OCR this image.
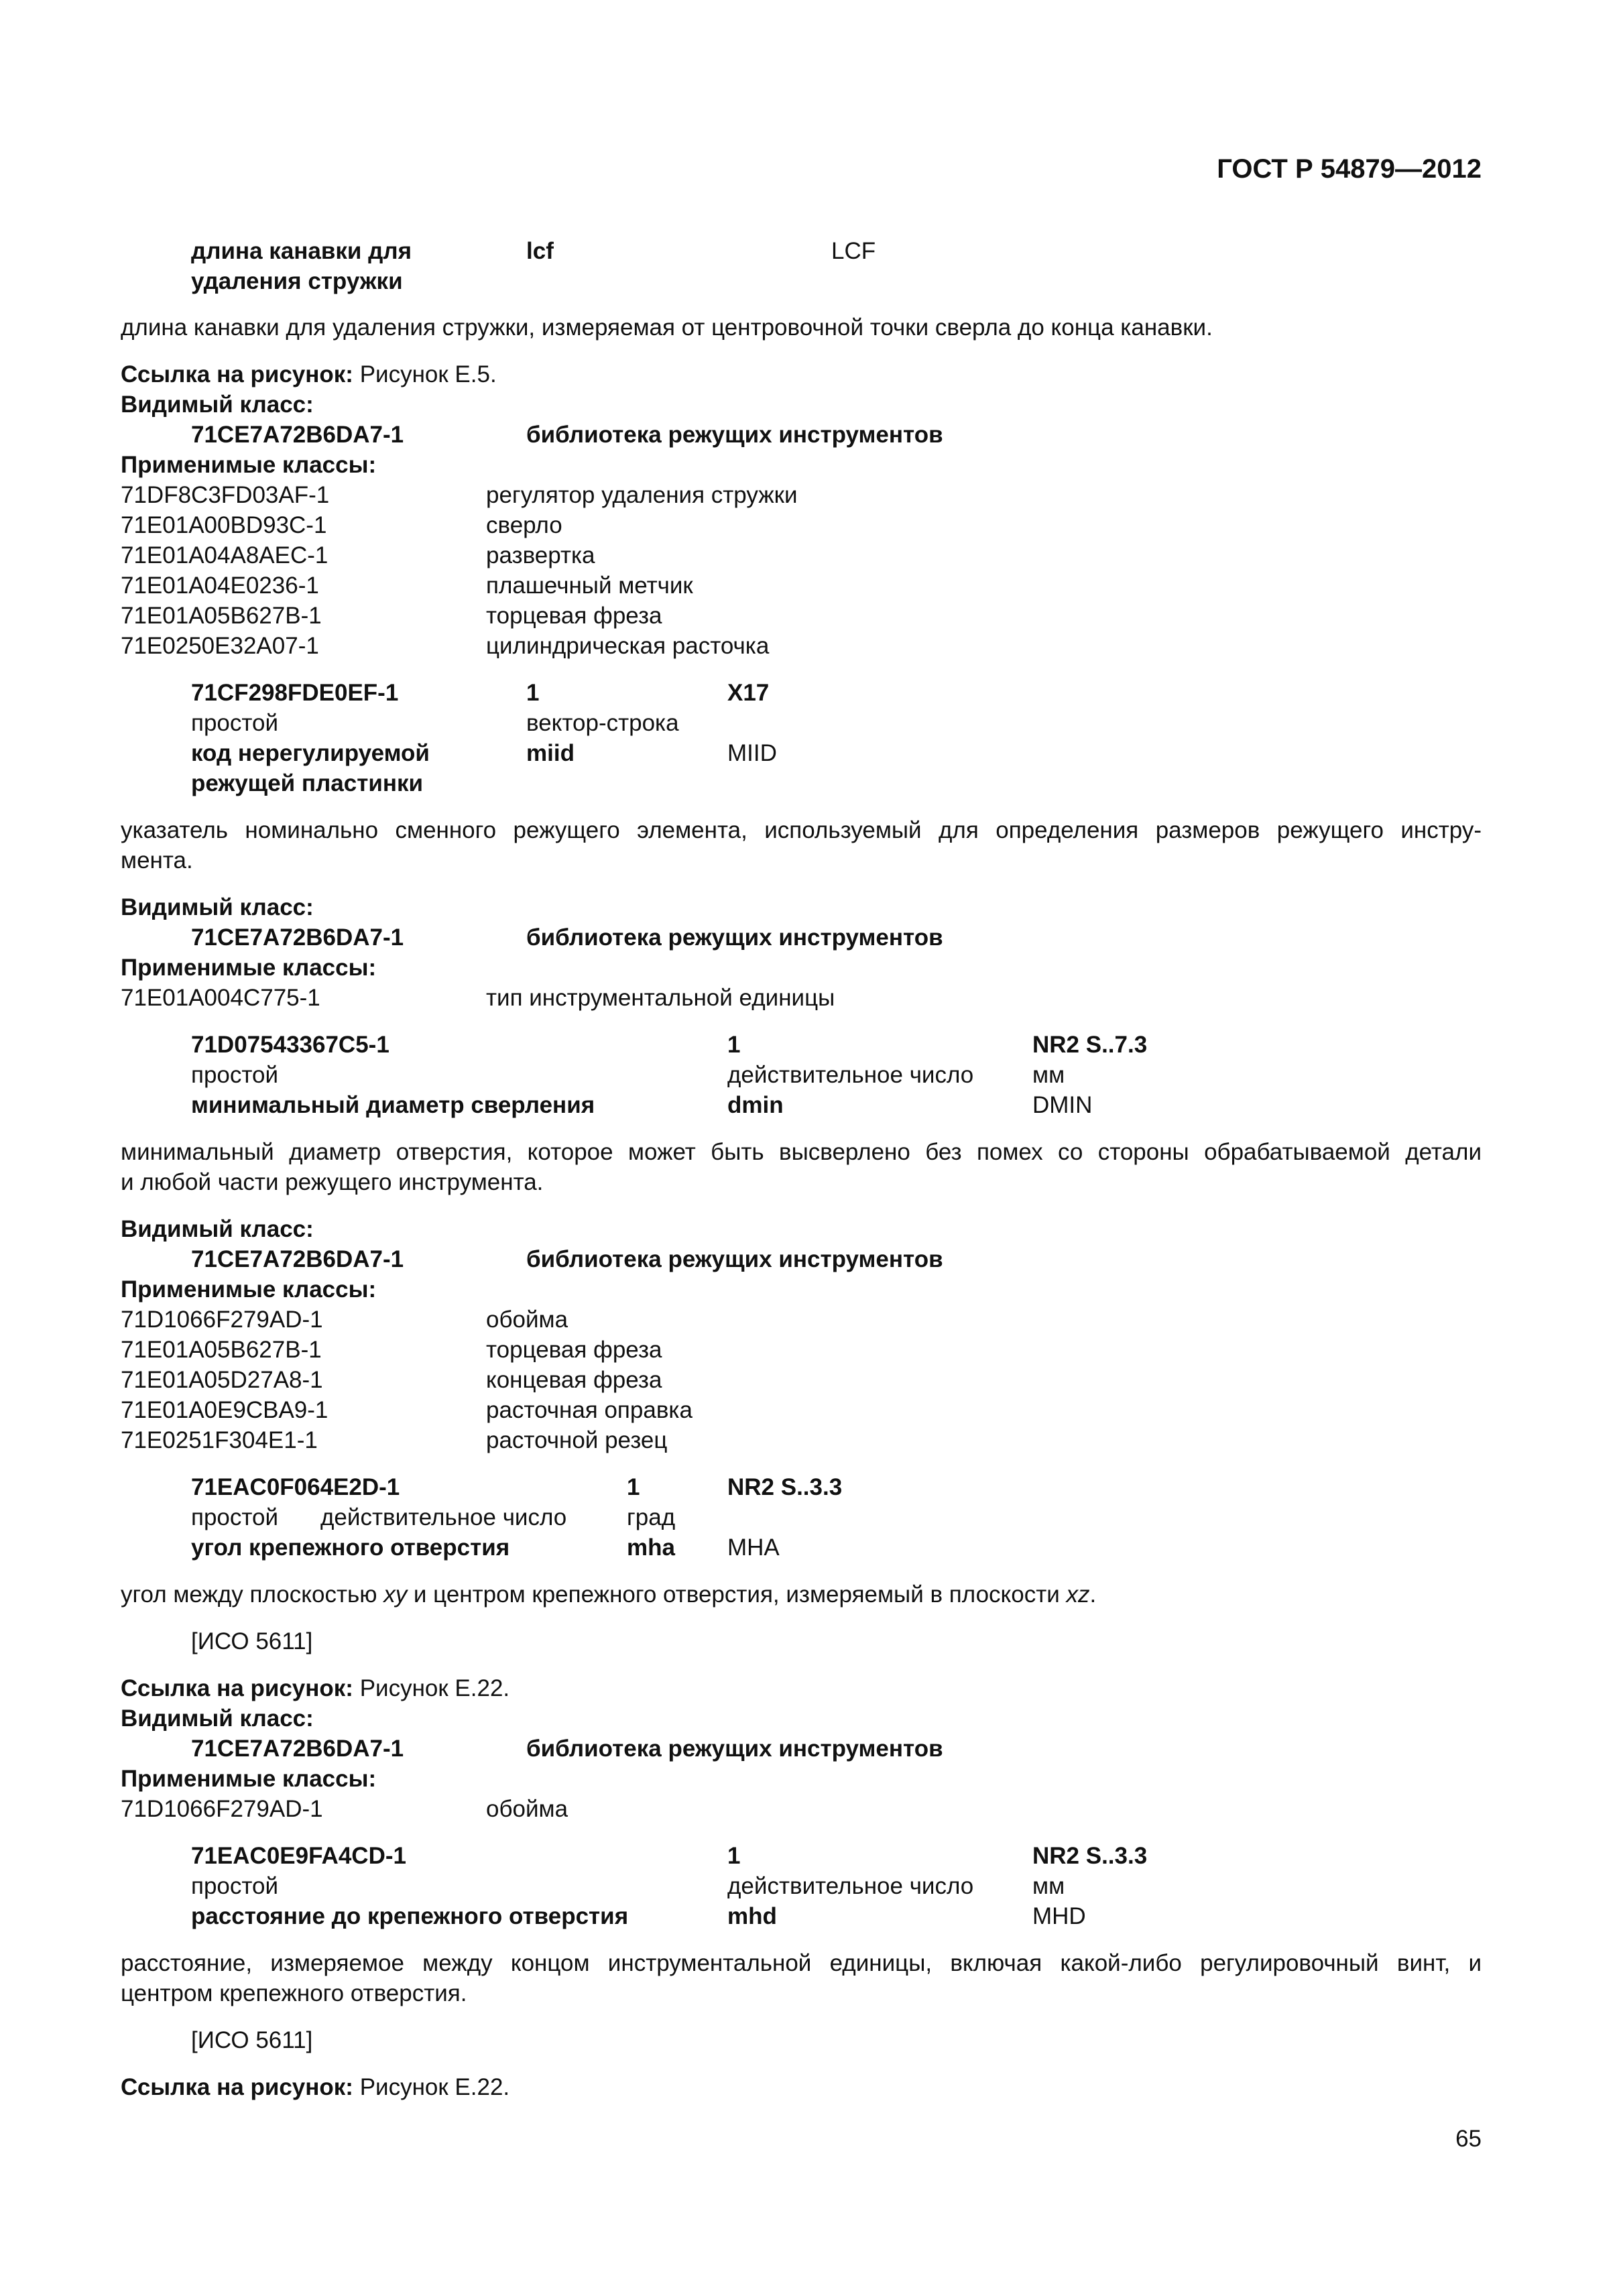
ГОСТ Р 54879—2012
длина канавки для
удаления стружки
lcf	LCF
длина канавки для удаления стружки, измеряемая от центровочной точки сверла до конца канавки.
Ссылка на рисунок: Рисунок Е.5.
Видимый класс:
71CE7A72B6DA7-1	библиотека режущих инструментов
Применимые классы:
71DF8C3FD03AF-1	регулятор удаления стружки
71E01A00BD93C-1	сверло
71E01A04A8AEC-1	развертка
71E01A04E0236-1	плашечный метчик
71E01A05B627B-1	торцевая фреза
71E0250E32A07-1	цилиндрическая расточка
71CF298FDE0EF-1	1	X17
простой	вектор-строка
код нерегулируемой
режущей пластинки
miid	MIID
указатель номинально сменного режущего элемента, используемый для определения размеров режущего инстру-
мента.
Видимый класс:
71CE7A72B6DA7-1	библиотека режущих инструментов
Применимые классы:
71E01A004C775-1	тип инструментальной единицы
71D07543367C5-1	1	NR2 S..7.3
простой	действительное число	мм
минимальный диаметр сверления	dmin	DMIN
минимальный диаметр отверстия, которое может быть высверлено без помех со стороны обрабатываемой детали
и любой части режущего инструмента.
Видимый класс:
71CE7A72B6DA7-1	библиотека режущих инструментов
Применимые классы:
71D1066F279AD-1	обойма
71E01A05B627B-1	торцевая фреза
71E01A05D27A8-1	концевая фреза
71E01A0E9CBA9-1	расточная оправка
71E0251F304E1-1	расточной резец
71EAC0F064E2D-1	1	NR2 S..3.3
простой действительное число	град
угол крепежного отверстия	mha MHA
угол между плоскостью xy и центром крепежного отверстия, измеряемый в плоскости xz.
[ИСО 5611]
Ссылка на рисунок: Рисунок Е.22.
Видимый класс:
71CE7A72B6DA7-1	библиотека режущих инструментов
Применимые классы:
71D1066F279AD-1	обойма
71EAC0E9FA4CD-1	1	NR2 S..3.3
простой	действительное число	мм
расстояние до крепежного отверстия	mhd	MHD
расстояние, измеряемое между концом инструментальной единицы, включая какой-либо регулировочный винт, и
центром крепежного отверстия.
[ИСО 5611]
Ссылка на рисунок: Рисунок Е.22.
65
